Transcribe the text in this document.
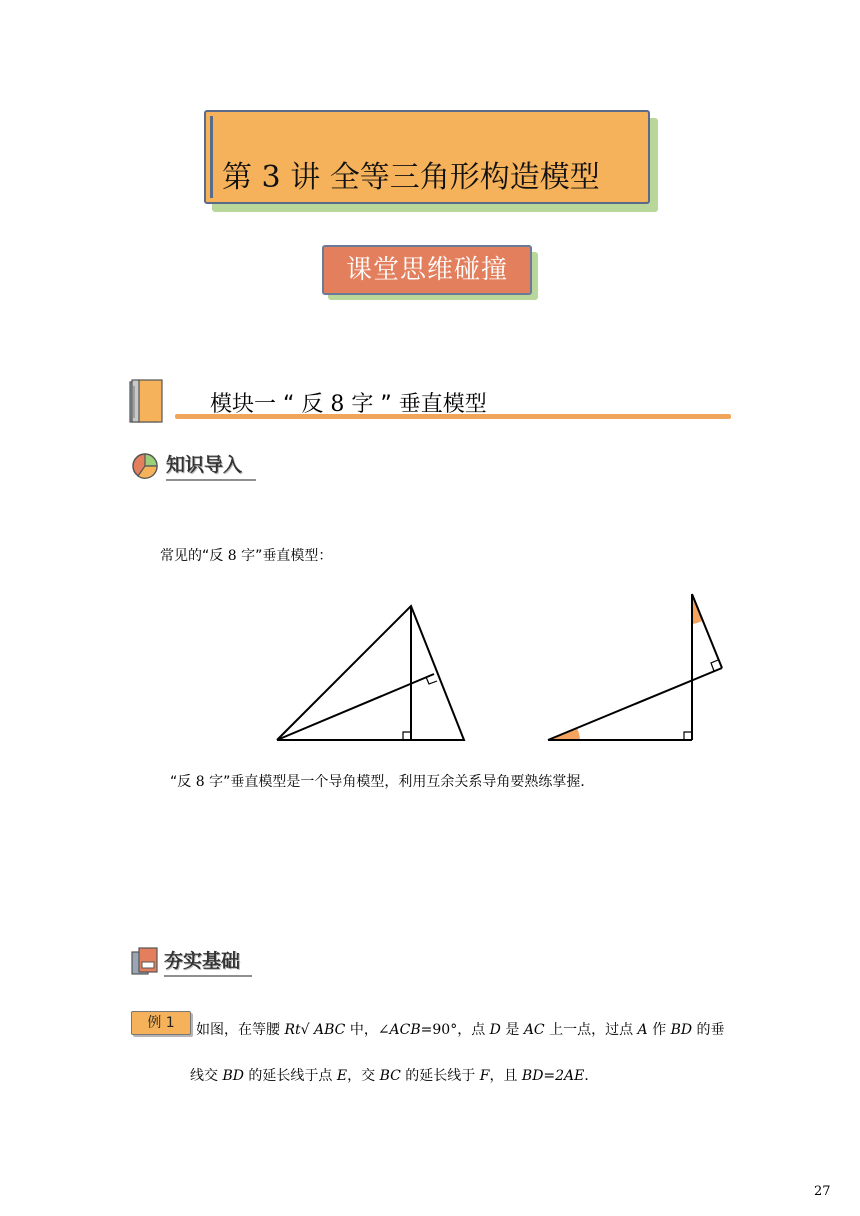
第 3 讲 全等三角形构造模型
课堂思维碰撞
模块一 “ 反 8 字 ” 垂直模型
知识导入
常见的“反 8 字”垂直模型：
“反 8 字”垂直模型是一个导角模型，利用互余关系导角要熟练掌握．
夯实基础
例 1	如图，在等腰 Rt√ ABC 中，∠ACB=90°，点 D 是 AC 上一点，过点 A 作 BD 的垂
线交 BD 的延长线于点 E，交 BC 的延长线于 F，且 BD=2AE．
27
